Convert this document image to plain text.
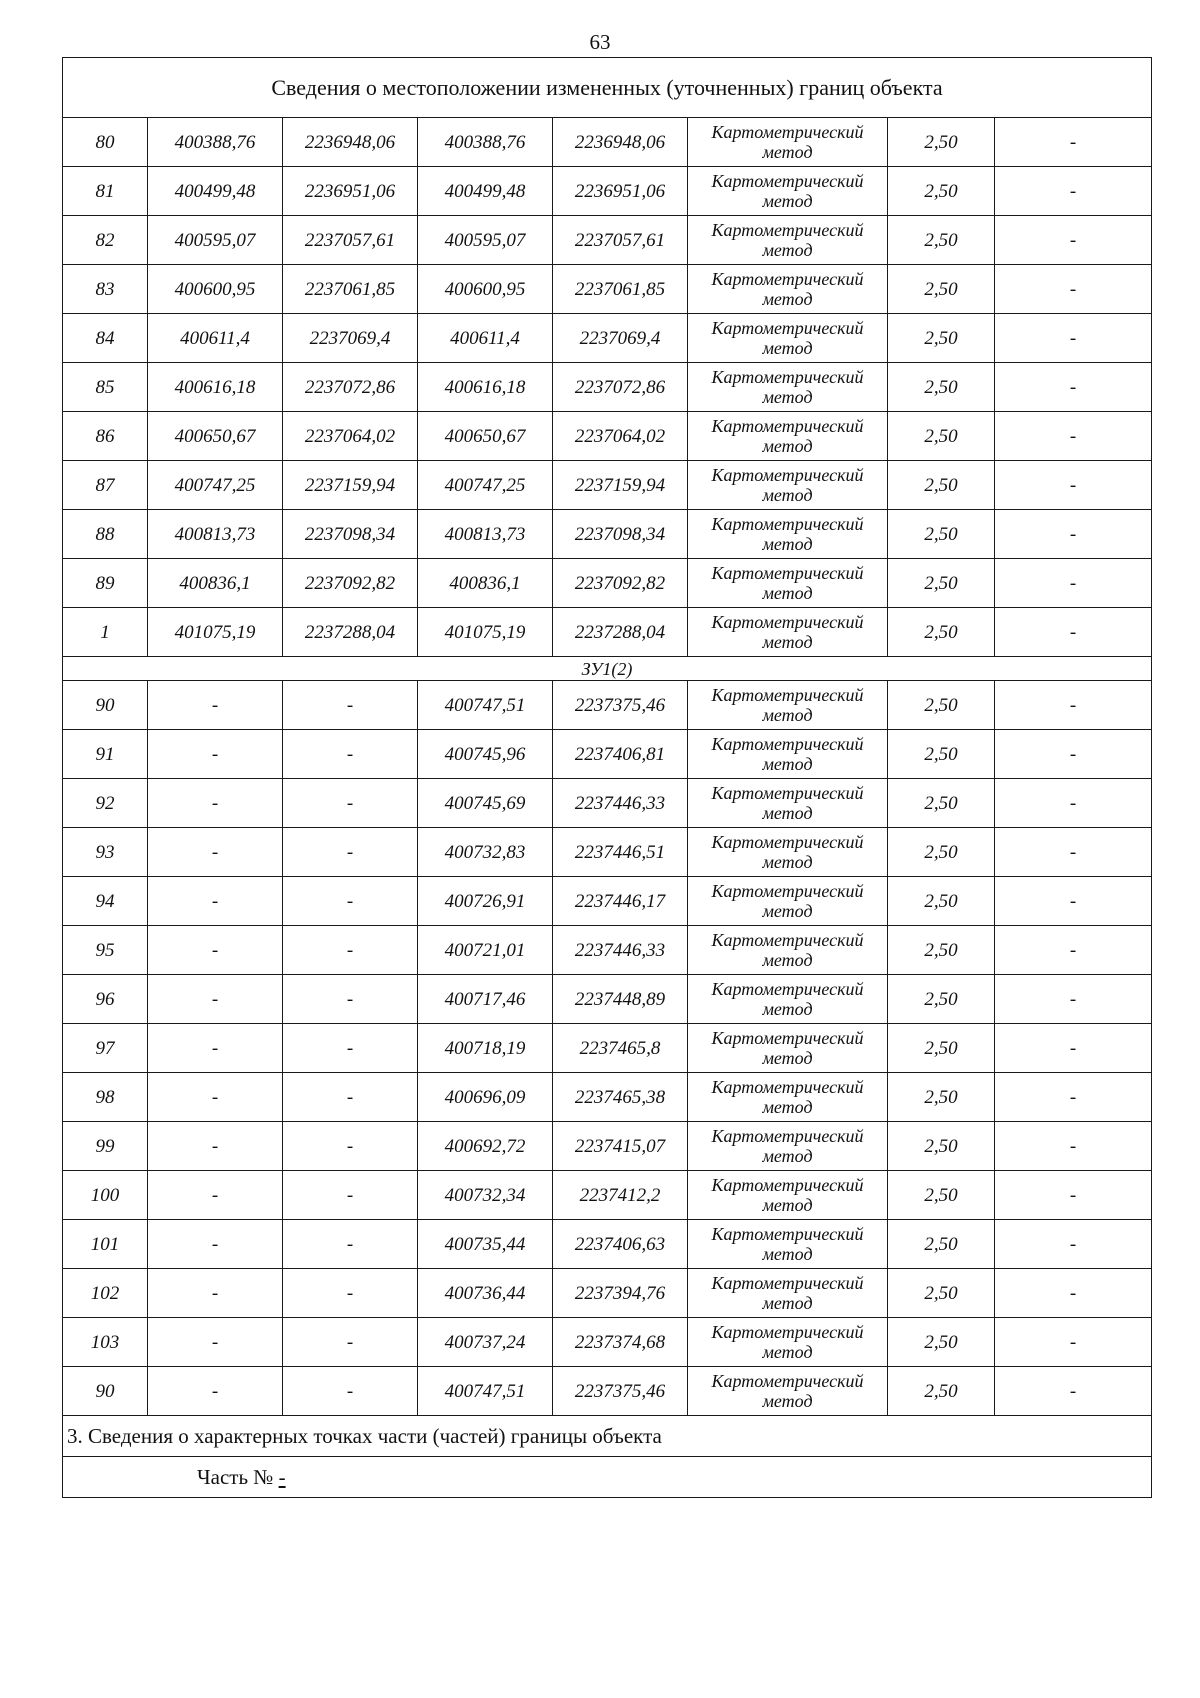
63
Сведения о местоположении измененных (уточненных) границ объекта							
80	400388,76	2236948,06	400388,76	2236948,06	Картометрический метод	2,50	-
81	400499,48	2236951,06	400499,48	2236951,06	Картометрический метод	2,50	-
82	400595,07	2237057,61	400595,07	2237057,61	Картометрический метод	2,50	-
83	400600,95	2237061,85	400600,95	2237061,85	Картометрический метод	2,50	-
84	400611,4	2237069,4	400611,4	2237069,4	Картометрический метод	2,50	-
85	400616,18	2237072,86	400616,18	2237072,86	Картометрический метод	2,50	-
86	400650,67	2237064,02	400650,67	2237064,02	Картометрический метод	2,50	-
87	400747,25	2237159,94	400747,25	2237159,94	Картометрический метод	2,50	-
88	400813,73	2237098,34	400813,73	2237098,34	Картометрический метод	2,50	-
89	400836,1	2237092,82	400836,1	2237092,82	Картометрический метод	2,50	-
1	401075,19	2237288,04	401075,19	2237288,04	Картометрический метод	2,50	-
ЗУ1(2)							
90	-	-	400747,51	2237375,46	Картометрический метод	2,50	-
91	-	-	400745,96	2237406,81	Картометрический метод	2,50	-
92	-	-	400745,69	2237446,33	Картометрический метод	2,50	-
93	-	-	400732,83	2237446,51	Картометрический метод	2,50	-
94	-	-	400726,91	2237446,17	Картометрический метод	2,50	-
95	-	-	400721,01	2237446,33	Картометрический метод	2,50	-
96	-	-	400717,46	2237448,89	Картометрический метод	2,50	-
97	-	-	400718,19	2237465,8	Картометрический метод	2,50	-
98	-	-	400696,09	2237465,38	Картометрический метод	2,50	-
99	-	-	400692,72	2237415,07	Картометрический метод	2,50	-
100	-	-	400732,34	2237412,2	Картометрический метод	2,50	-
101	-	-	400735,44	2237406,63	Картометрический метод	2,50	-
102	-	-	400736,44	2237394,76	Картометрический метод	2,50	-
103	-	-	400737,24	2237374,68	Картометрический метод	2,50	-
90	-	-	400747,51	2237375,46	Картометрический метод	2,50	-
3. Сведения о характерных точках части (частей) границы объекта							
Часть № -							
